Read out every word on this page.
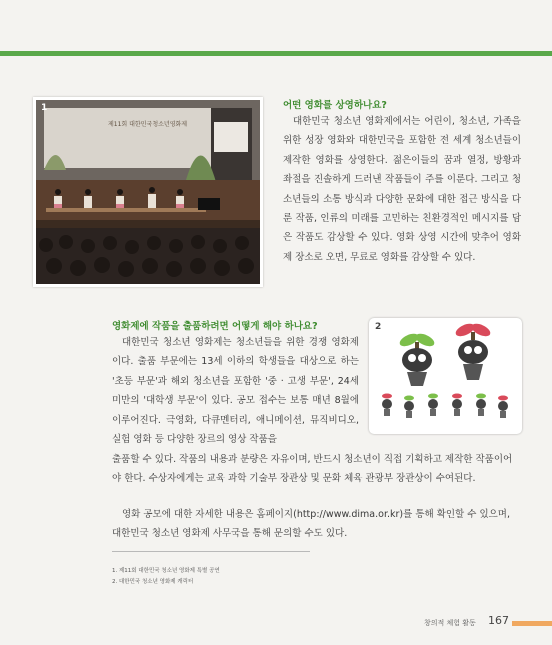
제11회 대한민국청소년영화제
1	어떤 영화를 상영하나요?

대한민국 청소년 영화제에서는 어린이, 청소년, 가족을 위한 성장 영화와 대한민국을 포함한 전 세계 청소년들이 제작한 영화를 상영한다. 젊은이들의 꿈과 열정, 방황과 좌절을 진솔하게 드러낸 작품들이 주를 이룬다. 그리고 청소년들의 소통 방식과 다양한 문화에 대한 접근 방식을 다룬 작품, 인류의 미래를 고민하는 친환경적인 메시지를 담은 작품도 감상할 수 있다. 영화 상영 시간에 맞추어 영화제 장소로 오면, 무료로 영화를 감상할 수 있다.

영화제에 작품을 출품하려면 어떻게 해야 하나요?

대한민국 청소년 영화제는 청소년들을 위한 경쟁 영화제이다. 출품 부문에는 13세 이하의 학생들을 대상으로 하는 '초등 부문'과 해외 청소년을 포함한 '중 · 고생 부문', 24세 미만의 '대학생 부문'이 있다. 공모 접수는 보통 매년 8월에 이루어진다. 극영화, 다큐멘터리, 애니메이션, 뮤직비디오, 실험 영화 등 다양한 장르의 영상 작품을

출품할 수 있다. 작품의 내용과 분량은 자유이며, 반드시 청소년이 직접 기획하고 제작한 작품이어야 한다. 수상자에게는 교육 과학 기술부 장관상 및 문화 체육 관광부 장관상이 수여된다.

영화 공모에 대한 자세한 내용은 홈페이지(http://www.dima.or.kr)를 통해 확인할 수 있으며, 대한민국 청소년 영화제 사무국을 통해 문의할 수도 있다.

2
1. 제11회 대한민국 청소년 영화제 특별 공연
2. 대한민국 청소년 영화제 캐릭터
창의적 체험 활동 167
